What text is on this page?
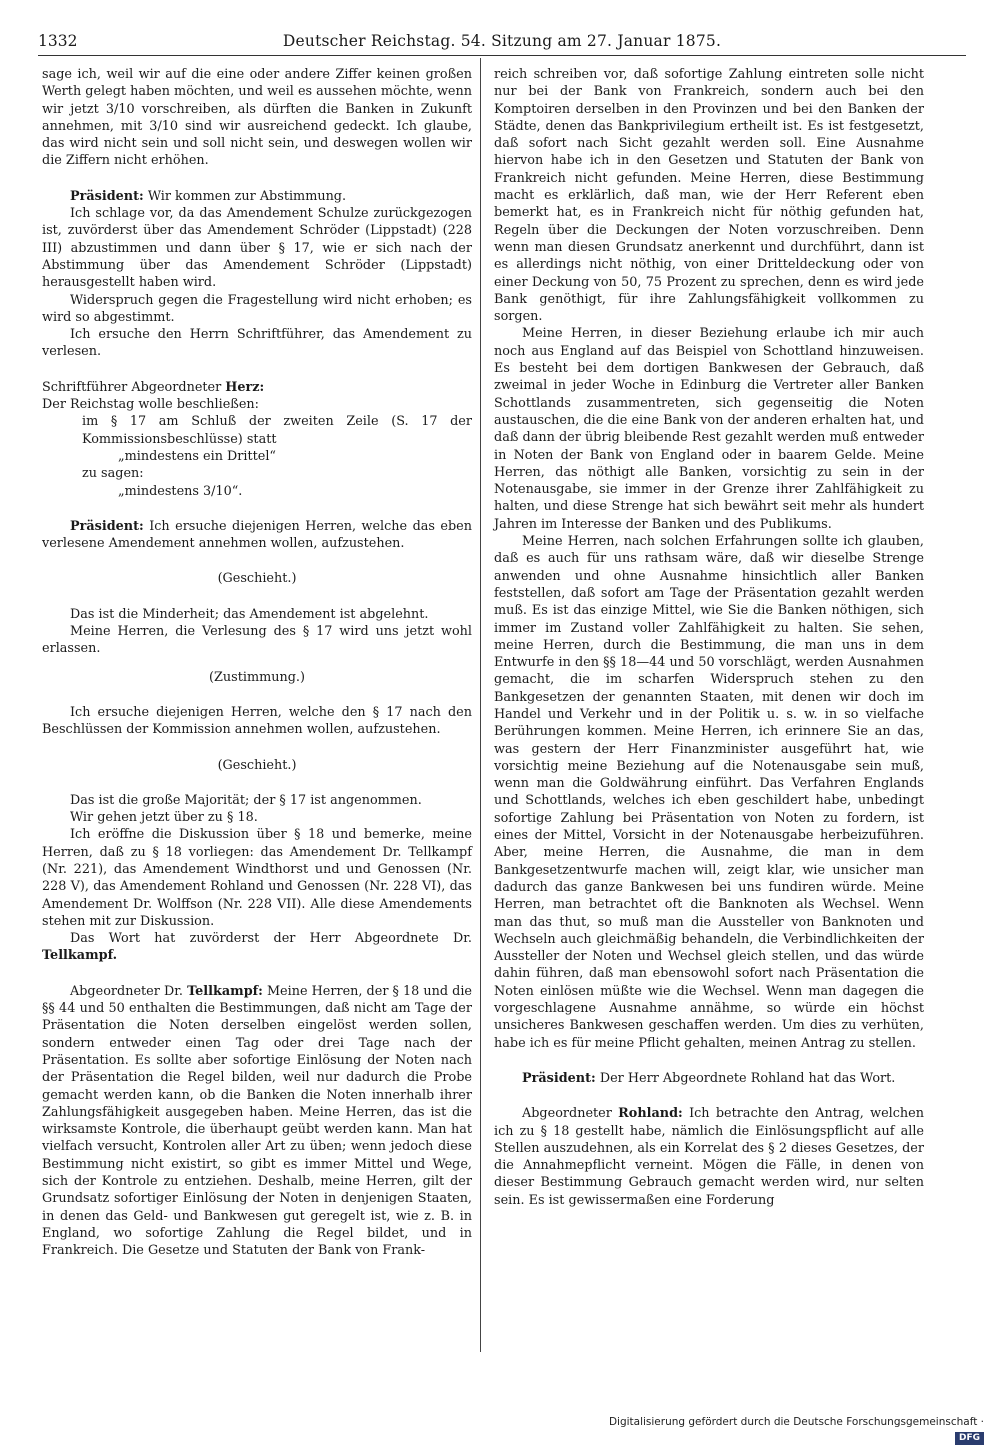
1332	Deutscher Reichstag. 54. Sitzung am 27. Januar 1875.

sage ich, weil wir auf die eine oder andere Ziffer keinen großen Werth gelegt haben möchten, und weil es aussehen möchte, wenn wir jetzt 3/10 vorschreiben, als dürften die Banken in Zukunft annehmen, mit 3/10 sind wir ausreichend gedeckt. Ich glaube, das wird nicht sein und soll nicht sein, und deswegen wollen wir die Ziffern nicht erhöhen.

Präsident: Wir kommen zur Abstimmung.

Ich schlage vor, da das Amendement Schulze zurückgezogen ist, zuvörderst über das Amendement Schröder (Lippstadt) (228 III) abzustimmen und dann über § 17, wie er sich nach der Abstimmung über das Amendement Schröder (Lippstadt) herausgestellt haben wird.

Widerspruch gegen die Fragestellung wird nicht erhoben; es wird so abgestimmt.

Ich ersuche den Herrn Schriftführer, das Amendement zu verlesen.

Schriftführer Abgeordneter Herz:

Der Reichstag wolle beschließen:

im § 17 am Schluß der zweiten Zeile (S. 17 der Kommissionsbeschlüsse) statt

„mindestens ein Drittel“

zu sagen:

„mindestens 3/10“.

Präsident: Ich ersuche diejenigen Herren, welche das eben verlesene Amendement annehmen wollen, aufzustehen.

(Geschieht.)

Das ist die Minderheit; das Amendement ist abgelehnt.

Meine Herren, die Verlesung des § 17 wird uns jetzt wohl erlassen.

(Zustimmung.)

Ich ersuche diejenigen Herren, welche den § 17 nach den Beschlüssen der Kommission annehmen wollen, aufzustehen.

(Geschieht.)

Das ist die große Majorität; der § 17 ist angenommen.

Wir gehen jetzt über zu § 18.

Ich eröffne die Diskussion über § 18 und bemerke, meine Herren, daß zu § 18 vorliegen: das Amendement Dr. Tellkampf (Nr. 221), das Amendement Windthorst und und Genossen (Nr. 228 V), das Amendement Rohland und Genossen (Nr. 228 VI), das Amendement Dr. Wolffson (Nr. 228 VII). Alle diese Amendements stehen mit zur Diskussion.

Das Wort hat zuvörderst der Herr Abgeordnete Dr. Tellkampf.

Abgeordneter Dr. Tellkampf: Meine Herren, der § 18 und die §§ 44 und 50 enthalten die Bestimmungen, daß nicht am Tage der Präsentation die Noten derselben eingelöst werden sollen, sondern entweder einen Tag oder drei Tage nach der Präsentation. Es sollte aber sofortige Einlösung der Noten nach der Präsentation die Regel bilden, weil nur dadurch die Probe gemacht werden kann, ob die Banken die Noten innerhalb ihrer Zahlungsfähigkeit ausgegeben haben. Meine Herren, das ist die wirksamste Kontrole, die überhaupt geübt werden kann. Man hat vielfach versucht, Kontrolen aller Art zu üben; wenn jedoch diese Bestimmung nicht existirt, so gibt es immer Mittel und Wege, sich der Kontrole zu entziehen. Deshalb, meine Herren, gilt der Grundsatz sofortiger Einlösung der Noten in denjenigen Staaten, in denen das Geld- und Bankwesen gut geregelt ist, wie z. B. in England, wo sofortige Zahlung die Regel bildet, und in Frankreich. Die Gesetze und Statuten der Bank von Frank-

reich schreiben vor, daß sofortige Zahlung eintreten solle nicht nur bei der Bank von Frankreich, sondern auch bei den Komptoiren derselben in den Provinzen und bei den Banken der Städte, denen das Bankprivilegium ertheilt ist. Es ist festgesetzt, daß sofort nach Sicht gezahlt werden soll. Eine Ausnahme hiervon habe ich in den Gesetzen und Statuten der Bank von Frankreich nicht gefunden. Meine Herren, diese Bestimmung macht es erklärlich, daß man, wie der Herr Referent eben bemerkt hat, es in Frankreich nicht für nöthig gefunden hat, Regeln über die Deckungen der Noten vorzuschreiben. Denn wenn man diesen Grundsatz anerkennt und durchführt, dann ist es allerdings nicht nöthig, von einer Dritteldeckung oder von einer Deckung von 50, 75 Prozent zu sprechen, denn es wird jede Bank genöthigt, für ihre Zahlungsfähigkeit vollkommen zu sorgen.

Meine Herren, in dieser Beziehung erlaube ich mir auch noch aus England auf das Beispiel von Schottland hinzuweisen. Es besteht bei dem dortigen Bankwesen der Gebrauch, daß zweimal in jeder Woche in Edinburg die Vertreter aller Banken Schottlands zusammentreten, sich gegenseitig die Noten austauschen, die die eine Bank von der anderen erhalten hat, und daß dann der übrig bleibende Rest gezahlt werden muß entweder in Noten der Bank von England oder in baarem Gelde. Meine Herren, das nöthigt alle Banken, vorsichtig zu sein in der Notenausgabe, sie immer in der Grenze ihrer Zahlfähigkeit zu halten, und diese Strenge hat sich bewährt seit mehr als hundert Jahren im Interesse der Banken und des Publikums.

Meine Herren, nach solchen Erfahrungen sollte ich glauben, daß es auch für uns rathsam wäre, daß wir dieselbe Strenge anwenden und ohne Ausnahme hinsichtlich aller Banken feststellen, daß sofort am Tage der Präsentation gezahlt werden muß. Es ist das einzige Mittel, wie Sie die Banken nöthigen, sich immer im Zustand voller Zahlfähigkeit zu halten. Sie sehen, meine Herren, durch die Bestimmung, die man uns in dem Entwurfe in den §§ 18—44 und 50 vorschlägt, werden Ausnahmen gemacht, die im scharfen Widerspruch stehen zu den Bankgesetzen der genannten Staaten, mit denen wir doch im Handel und Verkehr und in der Politik u. s. w. in so vielfache Berührungen kommen. Meine Herren, ich erinnere Sie an das, was gestern der Herr Finanzminister ausgeführt hat, wie vorsichtig meine Beziehung auf die Notenausgabe sein muß, wenn man die Goldwährung einführt. Das Verfahren Englands und Schottlands, welches ich eben geschildert habe, unbedingt sofortige Zahlung bei Präsentation von Noten zu fordern, ist eines der Mittel, Vorsicht in der Notenausgabe herbeizuführen. Aber, meine Herren, die Ausnahme, die man in dem Bankgesetzentwurfe machen will, zeigt klar, wie unsicher man dadurch das ganze Bankwesen bei uns fundiren würde. Meine Herren, man betrachtet oft die Banknoten als Wechsel. Wenn man das thut, so muß man die Aussteller von Banknoten und Wechseln auch gleichmäßig behandeln, die Verbindlichkeiten der Aussteller der Noten und Wechsel gleich stellen, und das würde dahin führen, daß man ebensowohl sofort nach Präsentation die Noten einlösen müßte wie die Wechsel. Wenn man dagegen die vorgeschlagene Ausnahme annähme, so würde ein höchst unsicheres Bankwesen geschaffen werden. Um dies zu verhüten, habe ich es für meine Pflicht gehalten, meinen Antrag zu stellen.

Präsident: Der Herr Abgeordnete Rohland hat das Wort.

Abgeordneter Rohland: Ich betrachte den Antrag, welchen ich zu § 18 gestellt habe, nämlich die Einlösungspflicht auf alle Stellen auszudehnen, als ein Korrelat des § 2 dieses Gesetzes, der die Annahmepflicht verneint. Mögen die Fälle, in denen von dieser Bestimmung Gebrauch gemacht werden wird, nur selten sein. Es ist gewissermaßen eine Forderung

Digitalisierung gefördert durch die Deutsche Forschungsgemeinschaft ·DFG
